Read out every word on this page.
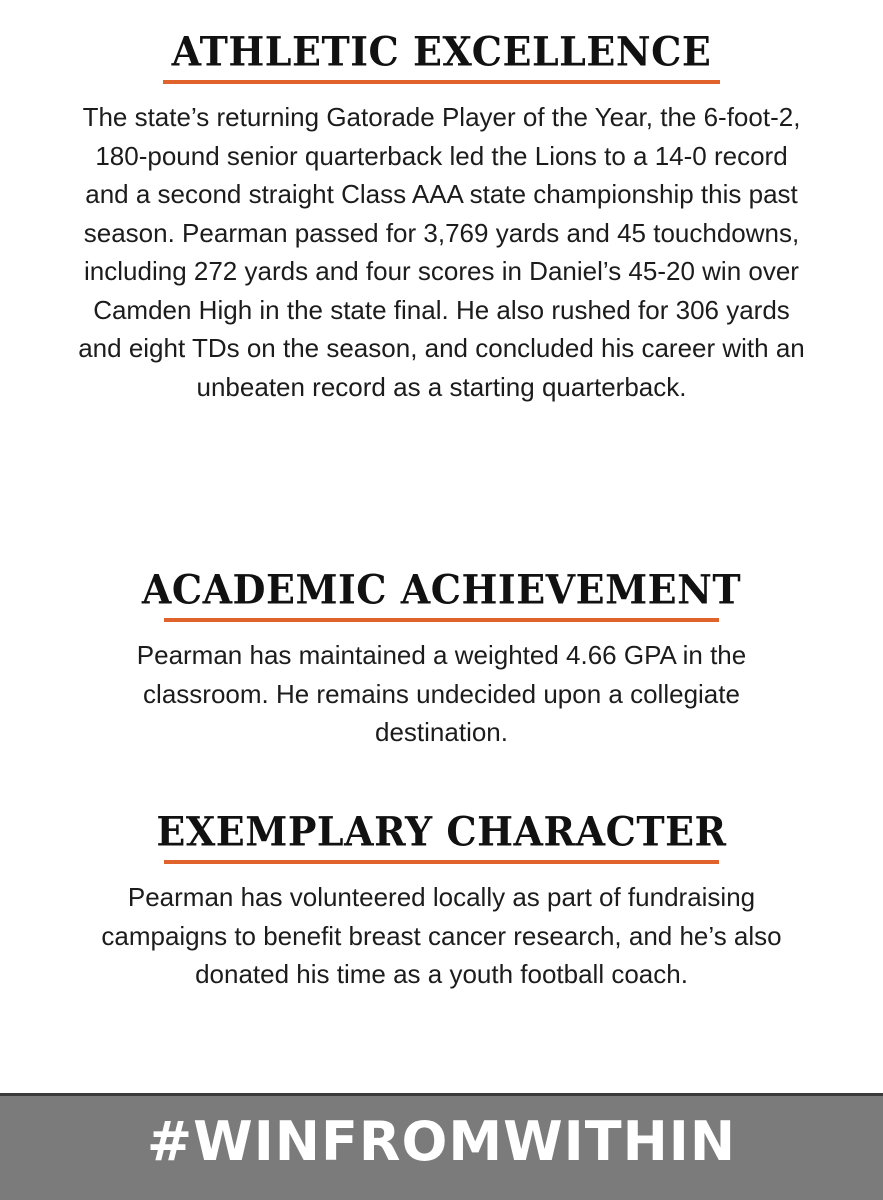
ATHLETIC EXCELLENCE

The state’s returning Gatorade Player of the Year, the 6-foot-2, 180-pound senior quarterback led the Lions to a 14-0 record and a second straight Class AAA state championship this past season. Pearman passed for 3,769 yards and 45 touchdowns, including 272 yards and four scores in Daniel’s 45-20 win over Camden High in the state final. He also rushed for 306 yards and eight TDs on the season, and concluded his career with an unbeaten record as a starting quarterback.

ACADEMIC ACHIEVEMENT

Pearman has maintained a weighted 4.66 GPA in the classroom. He remains undecided upon a collegiate destination.

EXEMPLARY CHARACTER

Pearman has volunteered locally as part of fundraising campaigns to benefit breast cancer research, and he’s also donated his time as a youth football coach.

#WINFROMWITHIN
